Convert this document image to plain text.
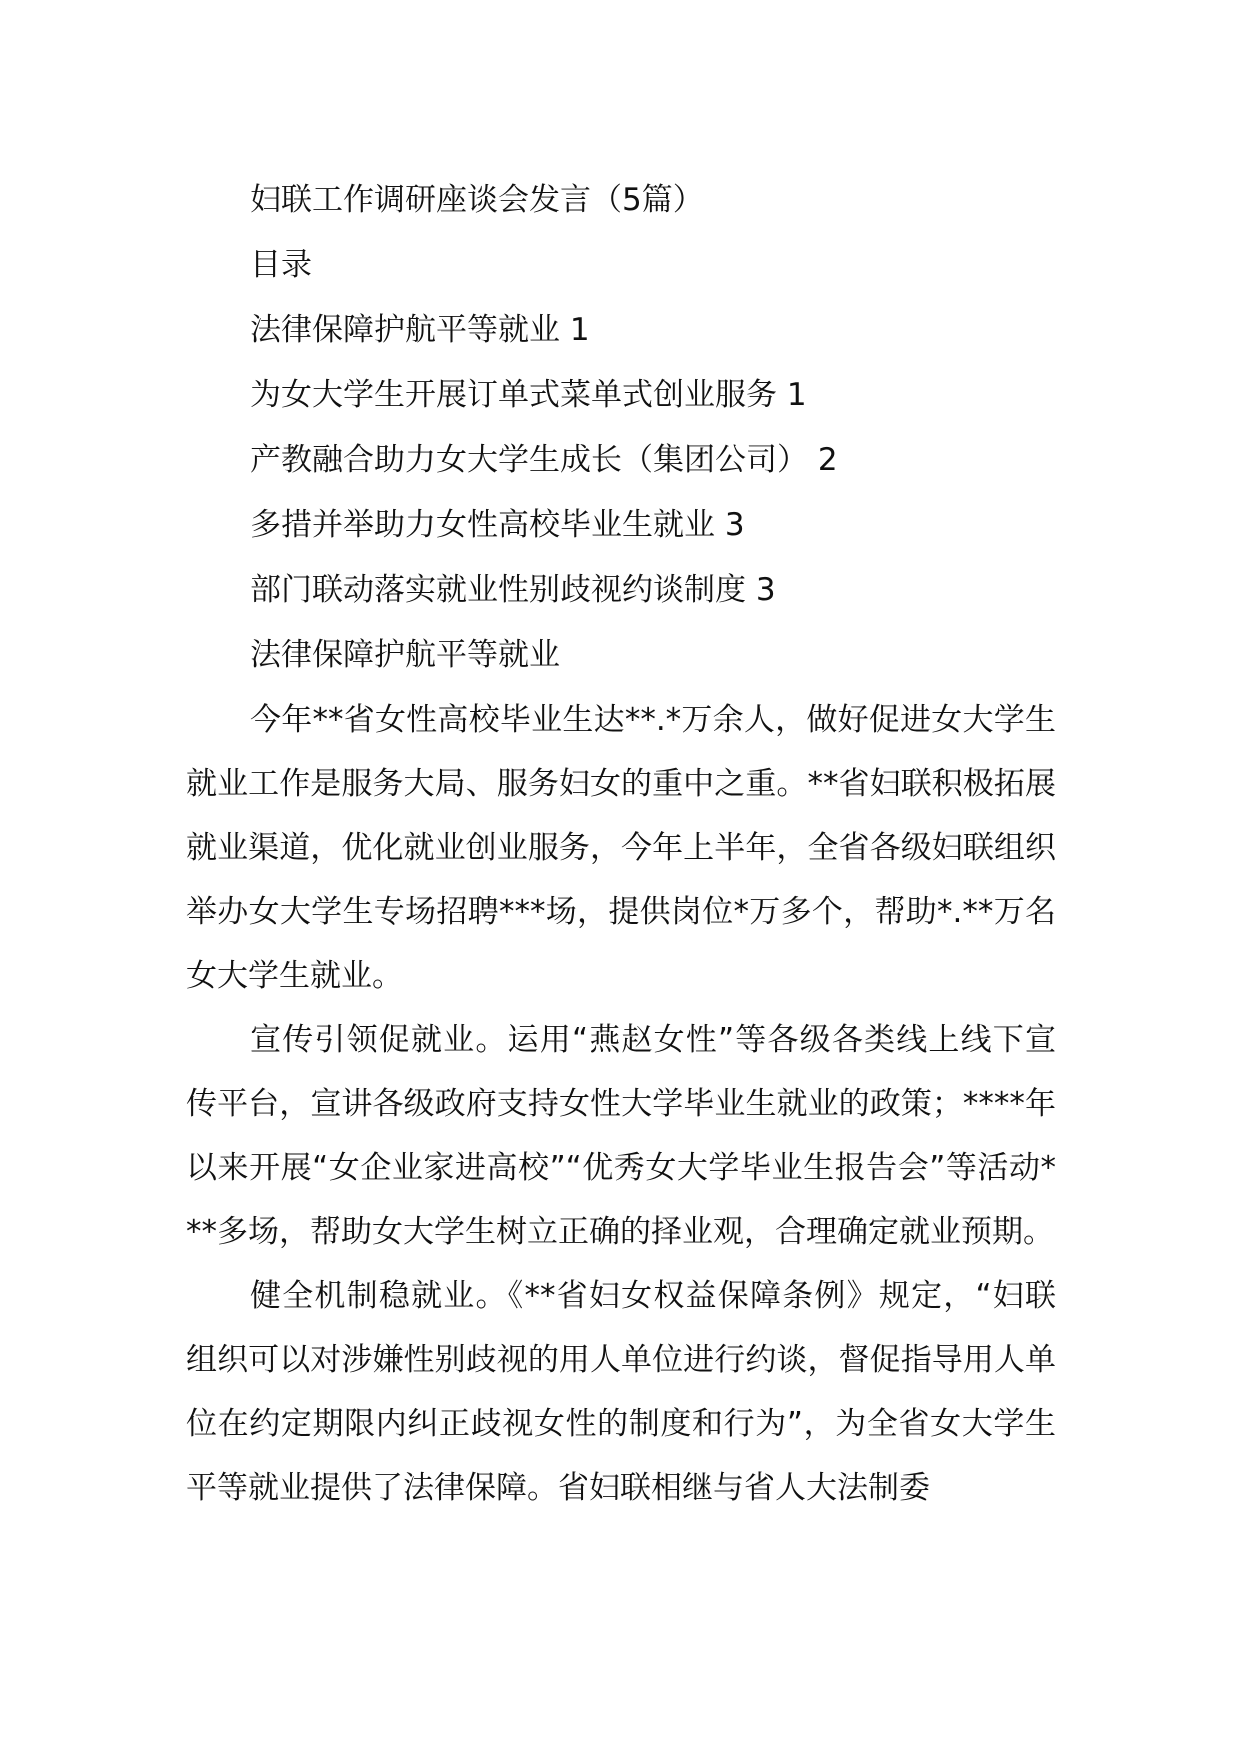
妇联工作调研座谈会发言（5篇）

目录

法律保障护航平等就业 1

为女大学生开展订单式菜单式创业服务 1

产教融合助力女大学生成长（集团公司） 2

多措并举助力女性高校毕业生就业 3

部门联动落实就业性别歧视约谈制度 3

法律保障护航平等就业

今年**省女性高校毕业生达**.*万余人，做好促进女大学生就业工作是服务大局、服务妇女的重中之重。**省妇联积极拓展就业渠道，优化就业创业服务，今年上半年，全省各级妇联组织举办女大学生专场招聘***场，提供岗位*万多个，帮助*.**万名女大学生就业。

宣传引领促就业。运用“燕赵女性”等各级各类线上线下宣传平台，宣讲各级政府支持女性大学毕业生就业的政策；****年以来开展“女企业家进高校”“优秀女大学毕业生报告会”等活动***多场，帮助女大学生树立正确的择业观，合理确定就业预期。

健全机制稳就业。《**省妇女权益保障条例》规定，“妇联组织可以对涉嫌性别歧视的用人单位进行约谈，督促指导用人单位在约定期限内纠正歧视女性的制度和行为”，为全省女大学生平等就业提供了法律保障。省妇联相继与省人大法制委
